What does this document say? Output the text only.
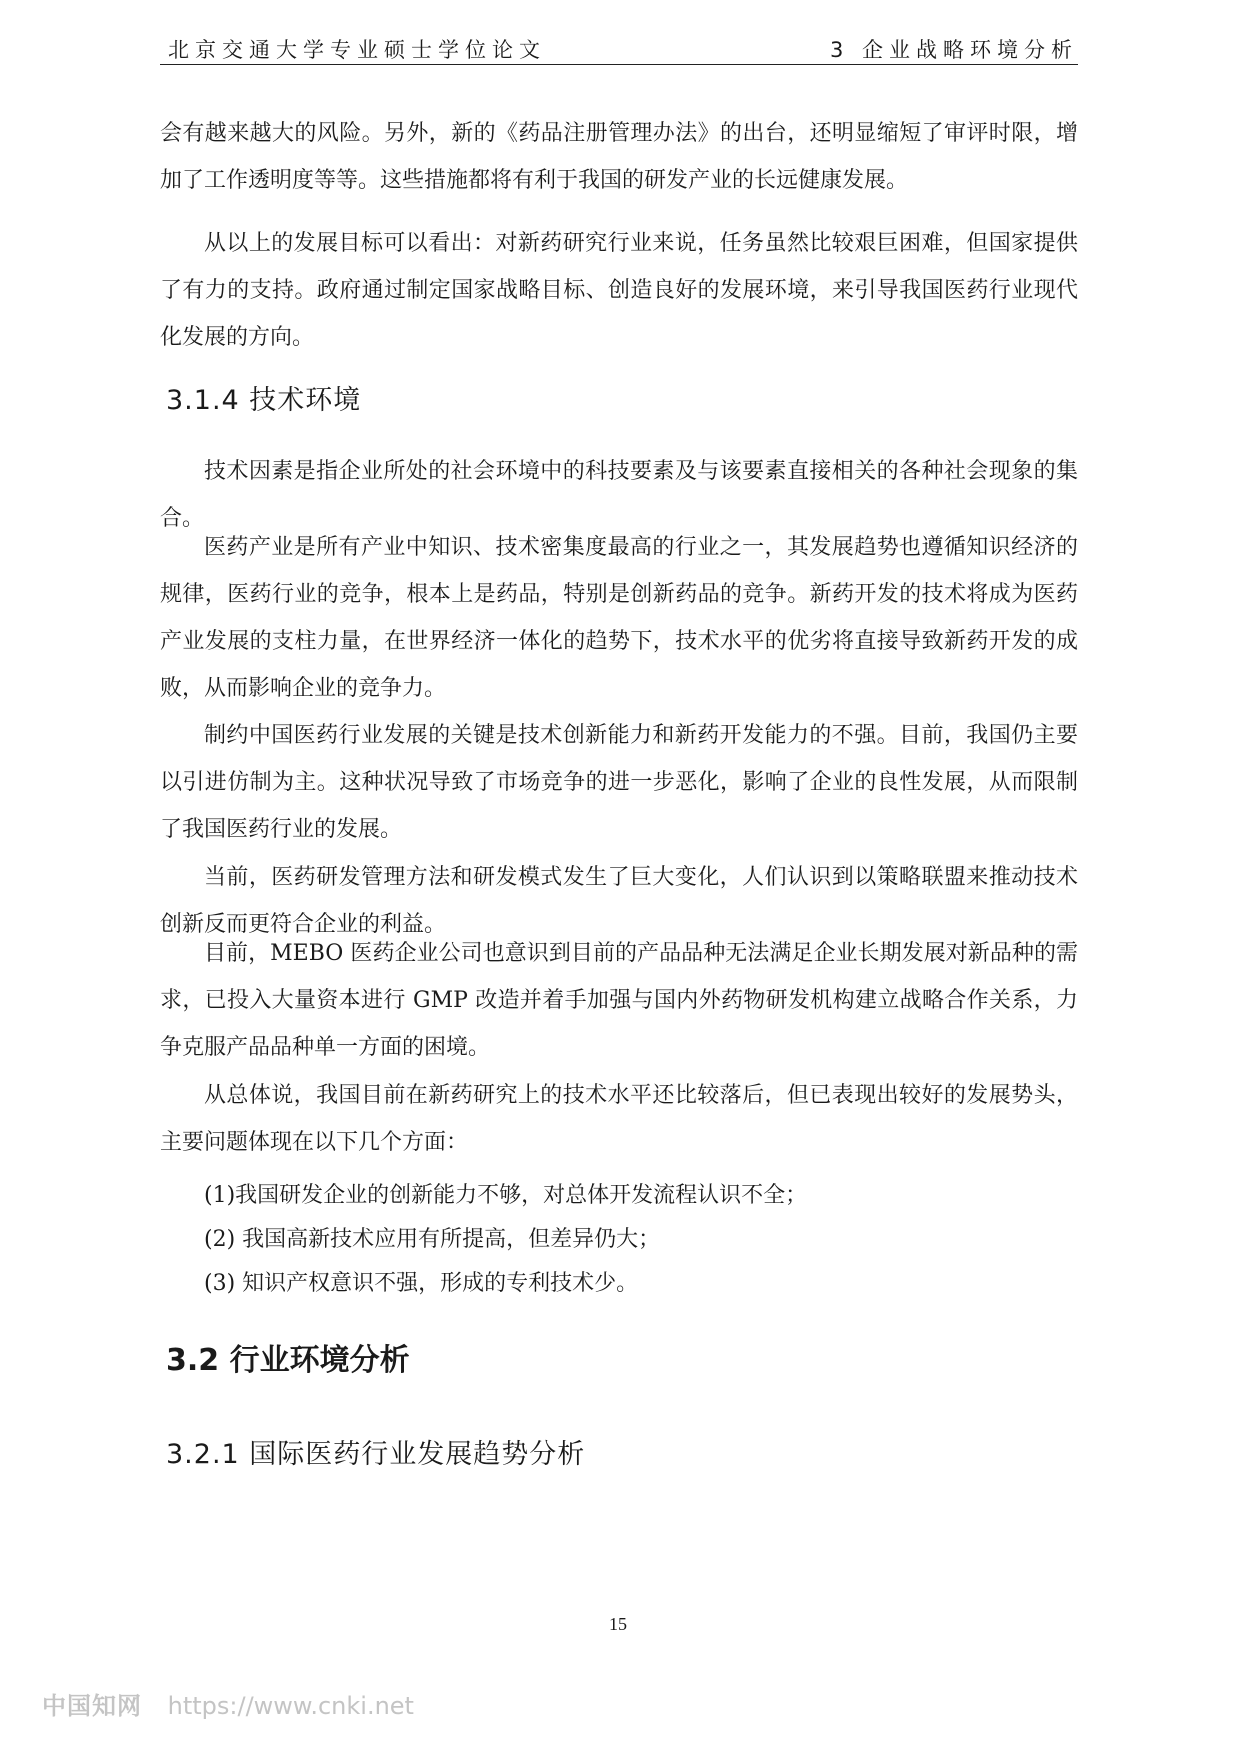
北京交通大学专业硕士学位论文	3 企业战略环境分析

会有越来越大的风险。另外，新的《药品注册管理办法》的出台，还明显缩短了审评时限，增加了工作透明度等等。这些措施都将有利于我国的研发产业的长远健康发展。

从以上的发展目标可以看出：对新药研究行业来说，任务虽然比较艰巨困难，但国家提供了有力的支持。政府通过制定国家战略目标、创造良好的发展环境，来引导我国医药行业现代化发展的方向。

3.1.4 技术环境

技术因素是指企业所处的社会环境中的科技要素及与该要素直接相关的各种社会现象的集合。

医药产业是所有产业中知识、技术密集度最高的行业之一，其发展趋势也遵循知识经济的规律，医药行业的竞争，根本上是药品，特别是创新药品的竞争。新药开发的技术将成为医药产业发展的支柱力量，在世界经济一体化的趋势下，技术水平的优劣将直接导致新药开发的成败，从而影响企业的竞争力。

制约中国医药行业发展的关键是技术创新能力和新药开发能力的不强。目前，我国仍主要以引进仿制为主。这种状况导致了市场竞争的进一步恶化，影响了企业的良性发展，从而限制了我国医药行业的发展。

当前，医药研发管理方法和研发模式发生了巨大变化，人们认识到以策略联盟来推动技术创新反而更符合企业的利益。

目前，MEBO 医药企业公司也意识到目前的产品品种无法满足企业长期发展对新品种的需求，已投入大量资本进行 GMP 改造并着手加强与国内外药物研发机构建立战略合作关系，力争克服产品品种单一方面的困境。

从总体说，我国目前在新药研究上的技术水平还比较落后，但已表现出较好的发展势头，主要问题体现在以下几个方面：

(1)我国研发企业的创新能力不够，对总体开发流程认识不全；

(2) 我国高新技术应用有所提高，但差异仍大；

(3) 知识产权意识不强，形成的专利技术少。

3.2 行业环境分析
3.2.1 国际医药行业发展趋势分析
15
中国知网 https://www.cnki.net
